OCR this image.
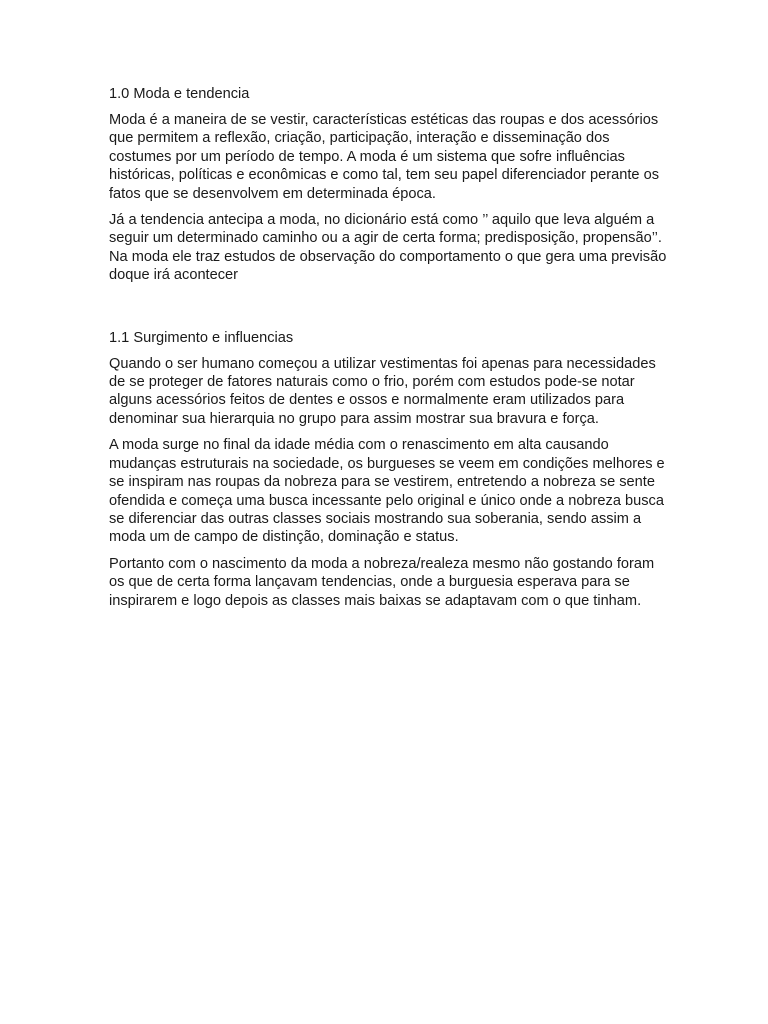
1.0 Moda e tendencia

Moda é a maneira de se vestir, características estéticas das roupas e dos acessórios que permitem a reflexão, criação, participação, interação e disseminação dos costumes por um período de tempo. A moda é um sistema que sofre influências históricas, políticas e econômicas e como tal, tem seu papel diferenciador perante os fatos que se desenvolvem em determinada época.

Já a tendencia antecipa a moda, no dicionário está como ’’ aquilo que leva alguém a seguir um determinado caminho ou a agir de certa forma; predisposição, propensão’’. Na moda ele traz estudos de observação do comportamento o que gera uma previsão doque irá acontecer

1.1 Surgimento e influencias

Quando o ser humano começou a utilizar vestimentas foi apenas para necessidades de se proteger de fatores naturais como o frio, porém com estudos pode-se notar alguns acessórios feitos de dentes e ossos e normalmente eram utilizados para denominar sua hierarquia no grupo para assim mostrar sua bravura e força.

A moda surge no final da idade média com o renascimento em alta causando mudanças estruturais na sociedade, os burgueses se veem em condições melhores e se inspiram nas roupas da nobreza para se vestirem, entretendo a nobreza se sente ofendida e começa uma busca incessante pelo original e único onde a nobreza busca se diferenciar das outras classes sociais mostrando sua soberania, sendo assim a moda um de campo de distinção, dominação e status.

Portanto com o nascimento da moda a nobreza/realeza mesmo não gostando foram os que de certa forma lançavam tendencias, onde a burguesia esperava para se inspirarem e logo depois as classes mais baixas se adaptavam com o que tinham.
